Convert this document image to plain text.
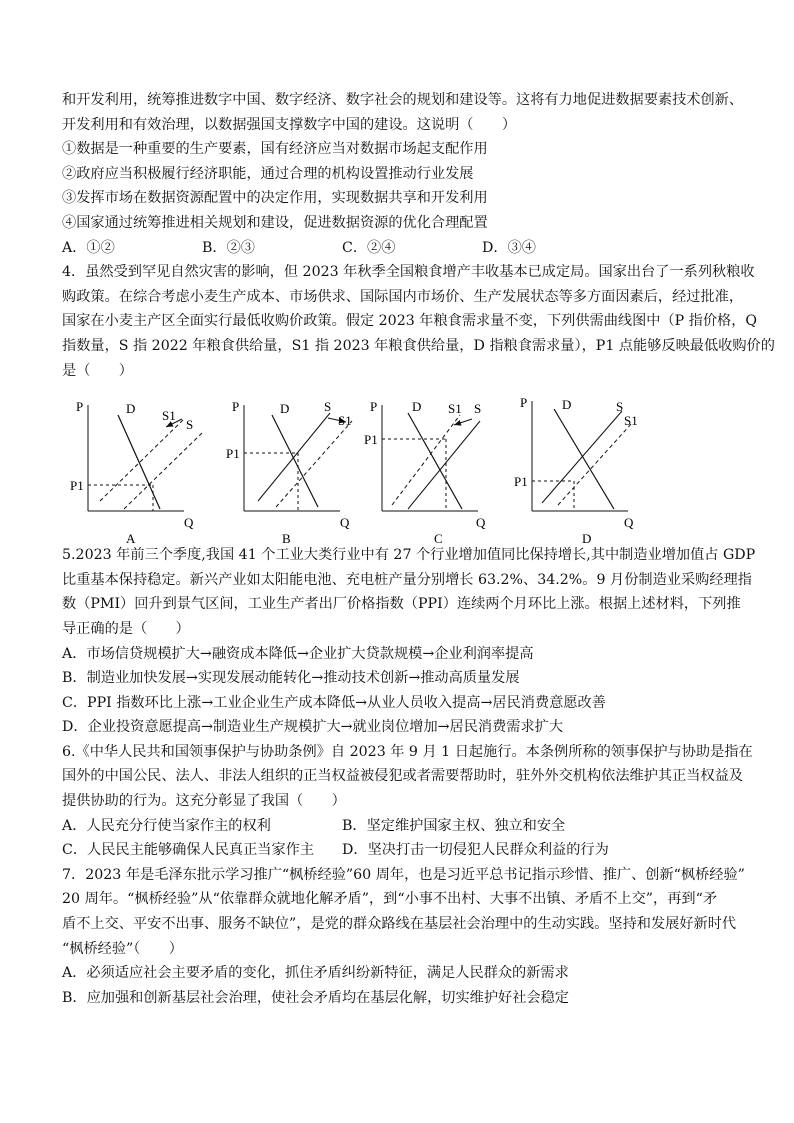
和开发利用，统筹推进数字中国、数字经济、数字社会的规划和建设等。这将有力地促进数据要素技术创新、
开发利用和有效治理，以数据强国支撑数字中国的建设。这说明（　　）
①数据是一种重要的生产要素，国有经济应当对数据市场起支配作用
②政府应当积极履行经济职能，通过合理的机构设置推动行业发展
③发挥市场在数据资源配置中的决定作用，实现数据共享和开发利用
④国家通过统筹推进相关规划和建设，促进数据资源的优化合理配置
A．①②	B．②③	C．②④	D．③④
4．虽然受到罕见自然灾害的影响，但 2023 年秋季全国粮食增产丰收基本已成定局。国家出台了一系列秋粮收
购政策。在综合考虑小麦生产成本、市场供求、国际国内市场价、生产发展状态等多方面因素后，经过批准，
国家在小麦主产区全面实行最低收购价政策。假定 2023 年粮食需求量不变，下列供需曲线图中（P 指价格，Q
指数量，S 指 2022 年粮食供给量，S1 指 2023 年粮食供给量，D 指粮食需求量），P1 点能够反映最低收购价的
是（　　）
P
Q
D S1
S
P1
A
P
Q
D	S
S1
P1
B
P
Q
D S1 S
P1
C
P
Q
D	S
S1
P1
D
5.2023 年前三个季度,我国 41 个工业大类行业中有 27 个行业增加值同比保持增长,其中制造业增加值占 GDP
比重基本保持稳定。新兴产业如太阳能电池、充电桩产量分别增长 63.2%、34.2%。9 月份制造业采购经理指
数（PMI）回升到景气区间，工业生产者出厂价格指数（PPI）连续两个月环比上涨。根据上述材料，下列推
导正确的是（　　）
A．市场信贷规模扩大→融资成本降低→企业扩大贷款规模→企业利润率提高
B．制造业加快发展→实现发展动能转化→推动技术创新→推动高质量发展
C．PPI 指数环比上涨→工业企业生产成本降低→从业人员收入提高→居民消费意愿改善
D．企业投资意愿提高→制造业生产规模扩大→就业岗位增加→居民消费需求扩大
6.《中华人民共和国领事保护与协助条例》自 2023 年 9 月 1 日起施行。本条例所称的领事保护与协助是指在
国外的中国公民、法人、非法人组织的正当权益被侵犯或者需要帮助时，驻外外交机构依法维护其正当权益及
提供协助的行为。这充分彰显了我国（　　）
A．人民充分行使当家作主的权利	B．坚定维护国家主权、独立和安全
C．人民民主能够确保人民真正当家作主	D．坚决打击一切侵犯人民群众利益的行为
7．2023 年是毛泽东批示学习推广“枫桥经验”60 周年，也是习近平总书记指示珍惜、推广、创新“枫桥经验”
20 周年。“枫桥经验”从“依靠群众就地化解矛盾”，到“小事不出村、大事不出镇、矛盾不上交”，再到“矛
盾不上交、平安不出事、服务不缺位”，是党的群众路线在基层社会治理中的生动实践。坚持和发展好新时代
“枫桥经验”（　　）
A．必须适应社会主要矛盾的变化，抓住矛盾纠纷新特征，满足人民群众的新需求
B．应加强和创新基层社会治理，使社会矛盾均在基层化解，切实维护好社会稳定
